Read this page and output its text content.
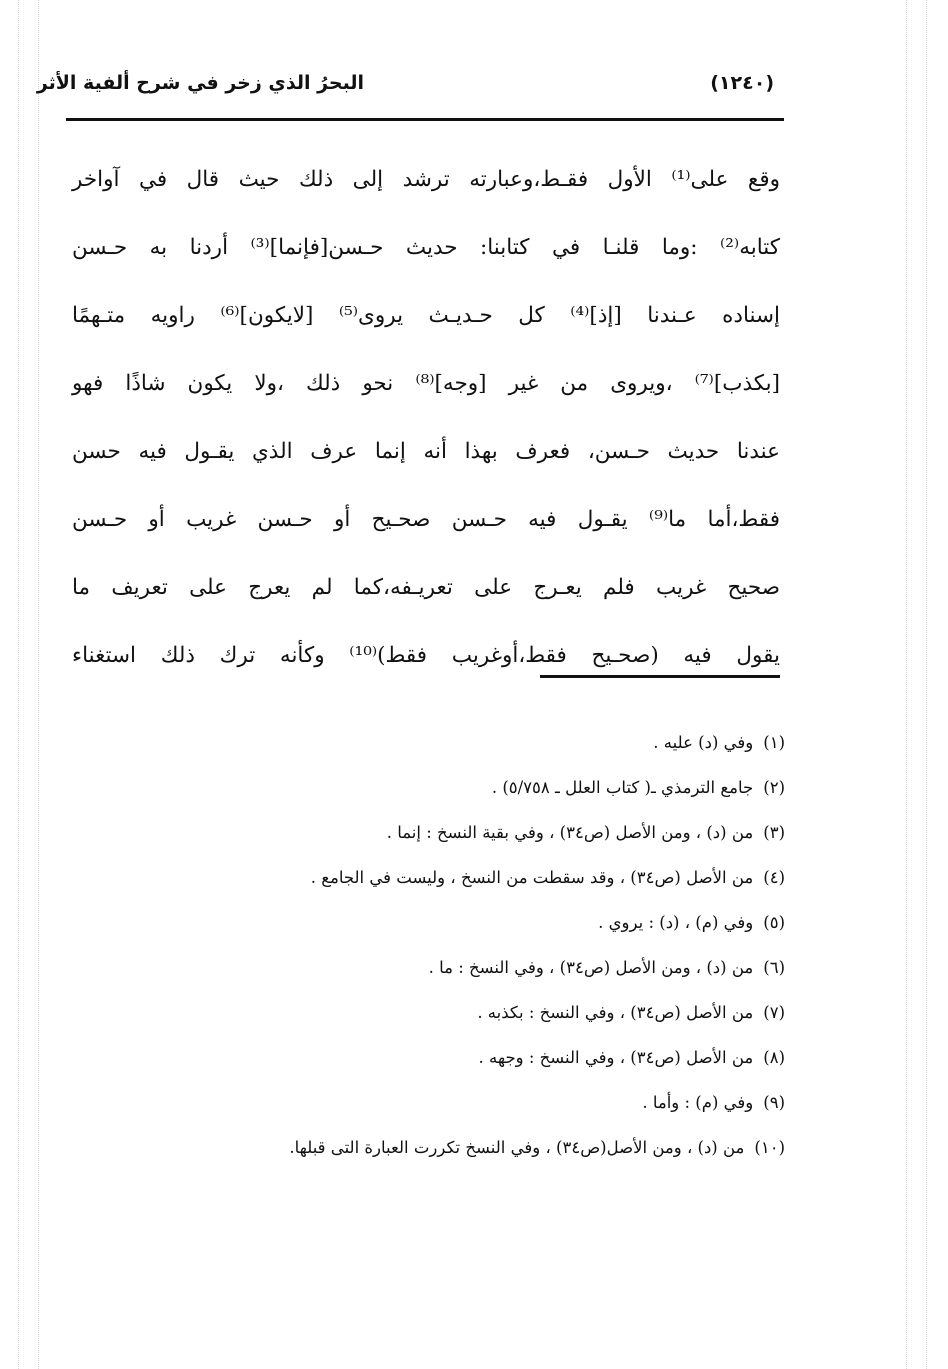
البحرُ الذي زخر في شرح ألفية الأثر	(١٢٤٠)
وقع على⁽¹⁾ الأول فقـط،وعبارته ترشد إلى ذلك حيث قال في آواخر
كتابه⁽²⁾ :وما قلنـا في كتابنا: حديث حـسن[فإنما]⁽³⁾ أردنا به حـسن
إسناده عـندنا [إذ]⁽⁴⁾ كل حـديـث يروى⁽⁵⁾ [لايكون]⁽⁶⁾ راويه متـهمًا
[بكذب]⁽⁷⁾ ،ويروى من غير [وجه]⁽⁸⁾ نحو ذلك ،ولا يكون شاذًا فهو
عندنا حديث حـسن، فعرف بهذا أنه إنما عرف الذي يقـول فيه حسن
فقط،أما ما⁽⁹⁾ يقـول فيه حـسن صحـيح أو حـسن غريب أو حـسن
صحيح غريب فلم يعـرج على تعريـفه،كما لم يعرج على تعريف ما
يقول فيه (صحـيح فقط،أوغريب فقط)⁽¹⁰⁾ وكأنه ترك ذلك استغناء
(١)وفي (د) عليه .
(٢)جامع الترمذي ـ( كتاب العلل ـ ٥/٧٥٨) .
(٣)من (د) ، ومن الأصل (ص٣٤) ، وفي بقية النسخ : إنما .
(٤)من الأصل (ص٣٤) ، وقد سقطت من النسخ ، وليست في الجامع .
(٥)وفي (م) ، (د) : يروي .
(٦)من (د) ، ومن الأصل (ص٣٤) ، وفي النسخ : ما .
(٧)من الأصل (ص٣٤) ، وفي النسخ : بكذبه .
(٨)من الأصل (ص٣٤) ، وفي النسخ : وجهه .
(٩)وفي (م) : وأما .
(١٠)من (د) ، ومن الأصل(ص٣٤) ، وفي النسخ تكررت العبارة التى قبلها.
